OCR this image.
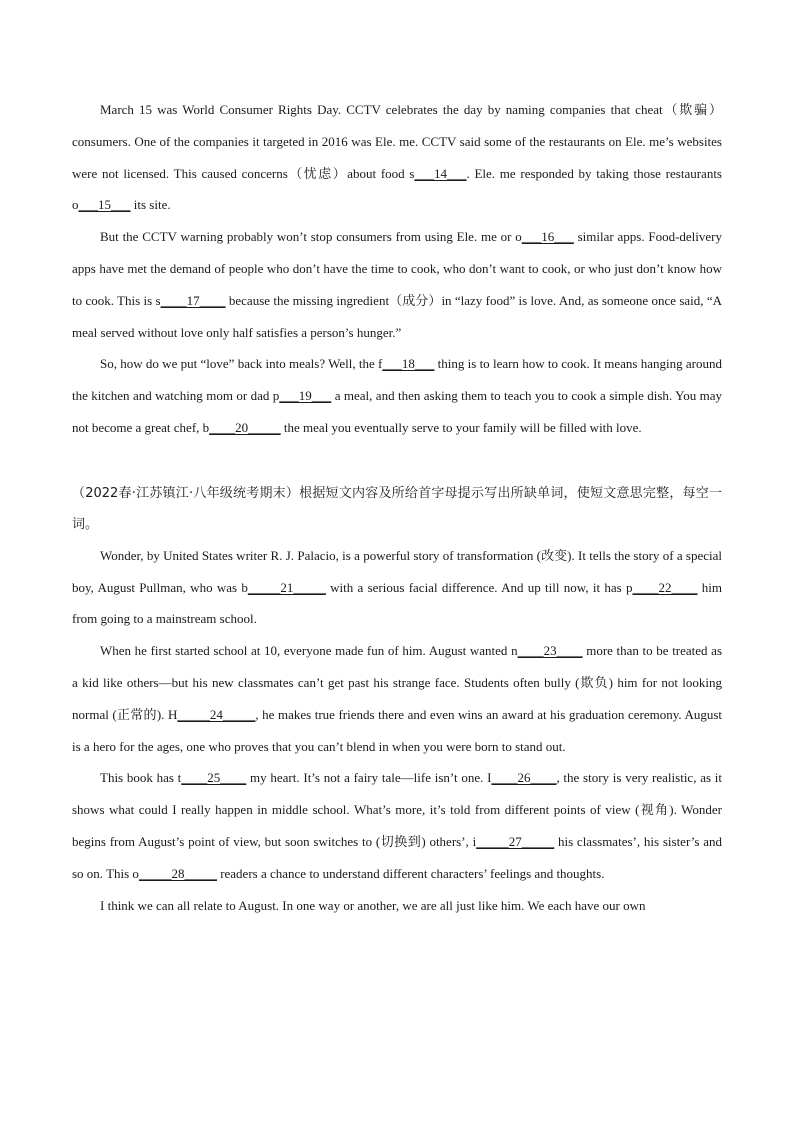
March 15 was World Consumer Rights Day. CCTV celebrates the day by naming companies that cheat（欺骗）consumers. One of the companies it targeted in 2016 was Ele. me. CCTV said some of the restaurants on Ele. me’s websites were not licensed. This caused concerns（忧虑）about food s___14___. Ele. me responded by taking those restaurants o___15___ its site.

But the CCTV warning probably won’t stop consumers from using Ele. me or o___16___ similar apps. Food-delivery apps have met the demand of people who don’t have the time to cook, who don’t want to cook, or who just don’t know how to cook. This is s____17____ because the missing ingredient（成分）in “lazy food” is love. And, as someone once said, “A meal served without love only half satisfies a person’s hunger.”

So, how do we put “love” back into meals? Well, the f___18___ thing is to learn how to cook. It means hanging around the kitchen and watching mom or dad p___19___ a meal, and then asking them to teach you to cook a simple dish. You may not become a great chef, b____20_____ the meal you eventually serve to your family will be filled with love.

（2022春·江苏镇江·八年级统考期末）根据短文内容及所给首字母提示写出所缺单词，使短文意思完整，每空一词。

Wonder, by United States writer R. J. Palacio, is a powerful story of transformation (改变). It tells the story of a special boy, August Pullman, who was b_____21_____ with a serious facial difference. And up till now, it has p____22____ him from going to a mainstream school.

When he first started school at 10, everyone made fun of him. August wanted n____23____ more than to be treated as a kid like others—but his new classmates can’t get past his strange face. Students often bully (欺负) him for not looking normal (正常的). H_____24_____, he makes true friends there and even wins an award at his graduation ceremony. August is a hero for the ages, one who proves that you can’t blend in when you were born to stand out.

This book has t____25____ my heart. It’s not a fairy tale—life isn’t one. I____26____, the story is very realistic, as it shows what could I really happen in middle school. What’s more, it’s told from different points of view (视角). Wonder begins from August’s point of view, but soon switches to (切换到) others’, i_____27_____ his classmates’, his sister’s and so on. This o_____28_____ readers a chance to understand different characters’ feelings and thoughts.

I think we can all relate to August. In one way or another, we are all just like him. We each have our own
